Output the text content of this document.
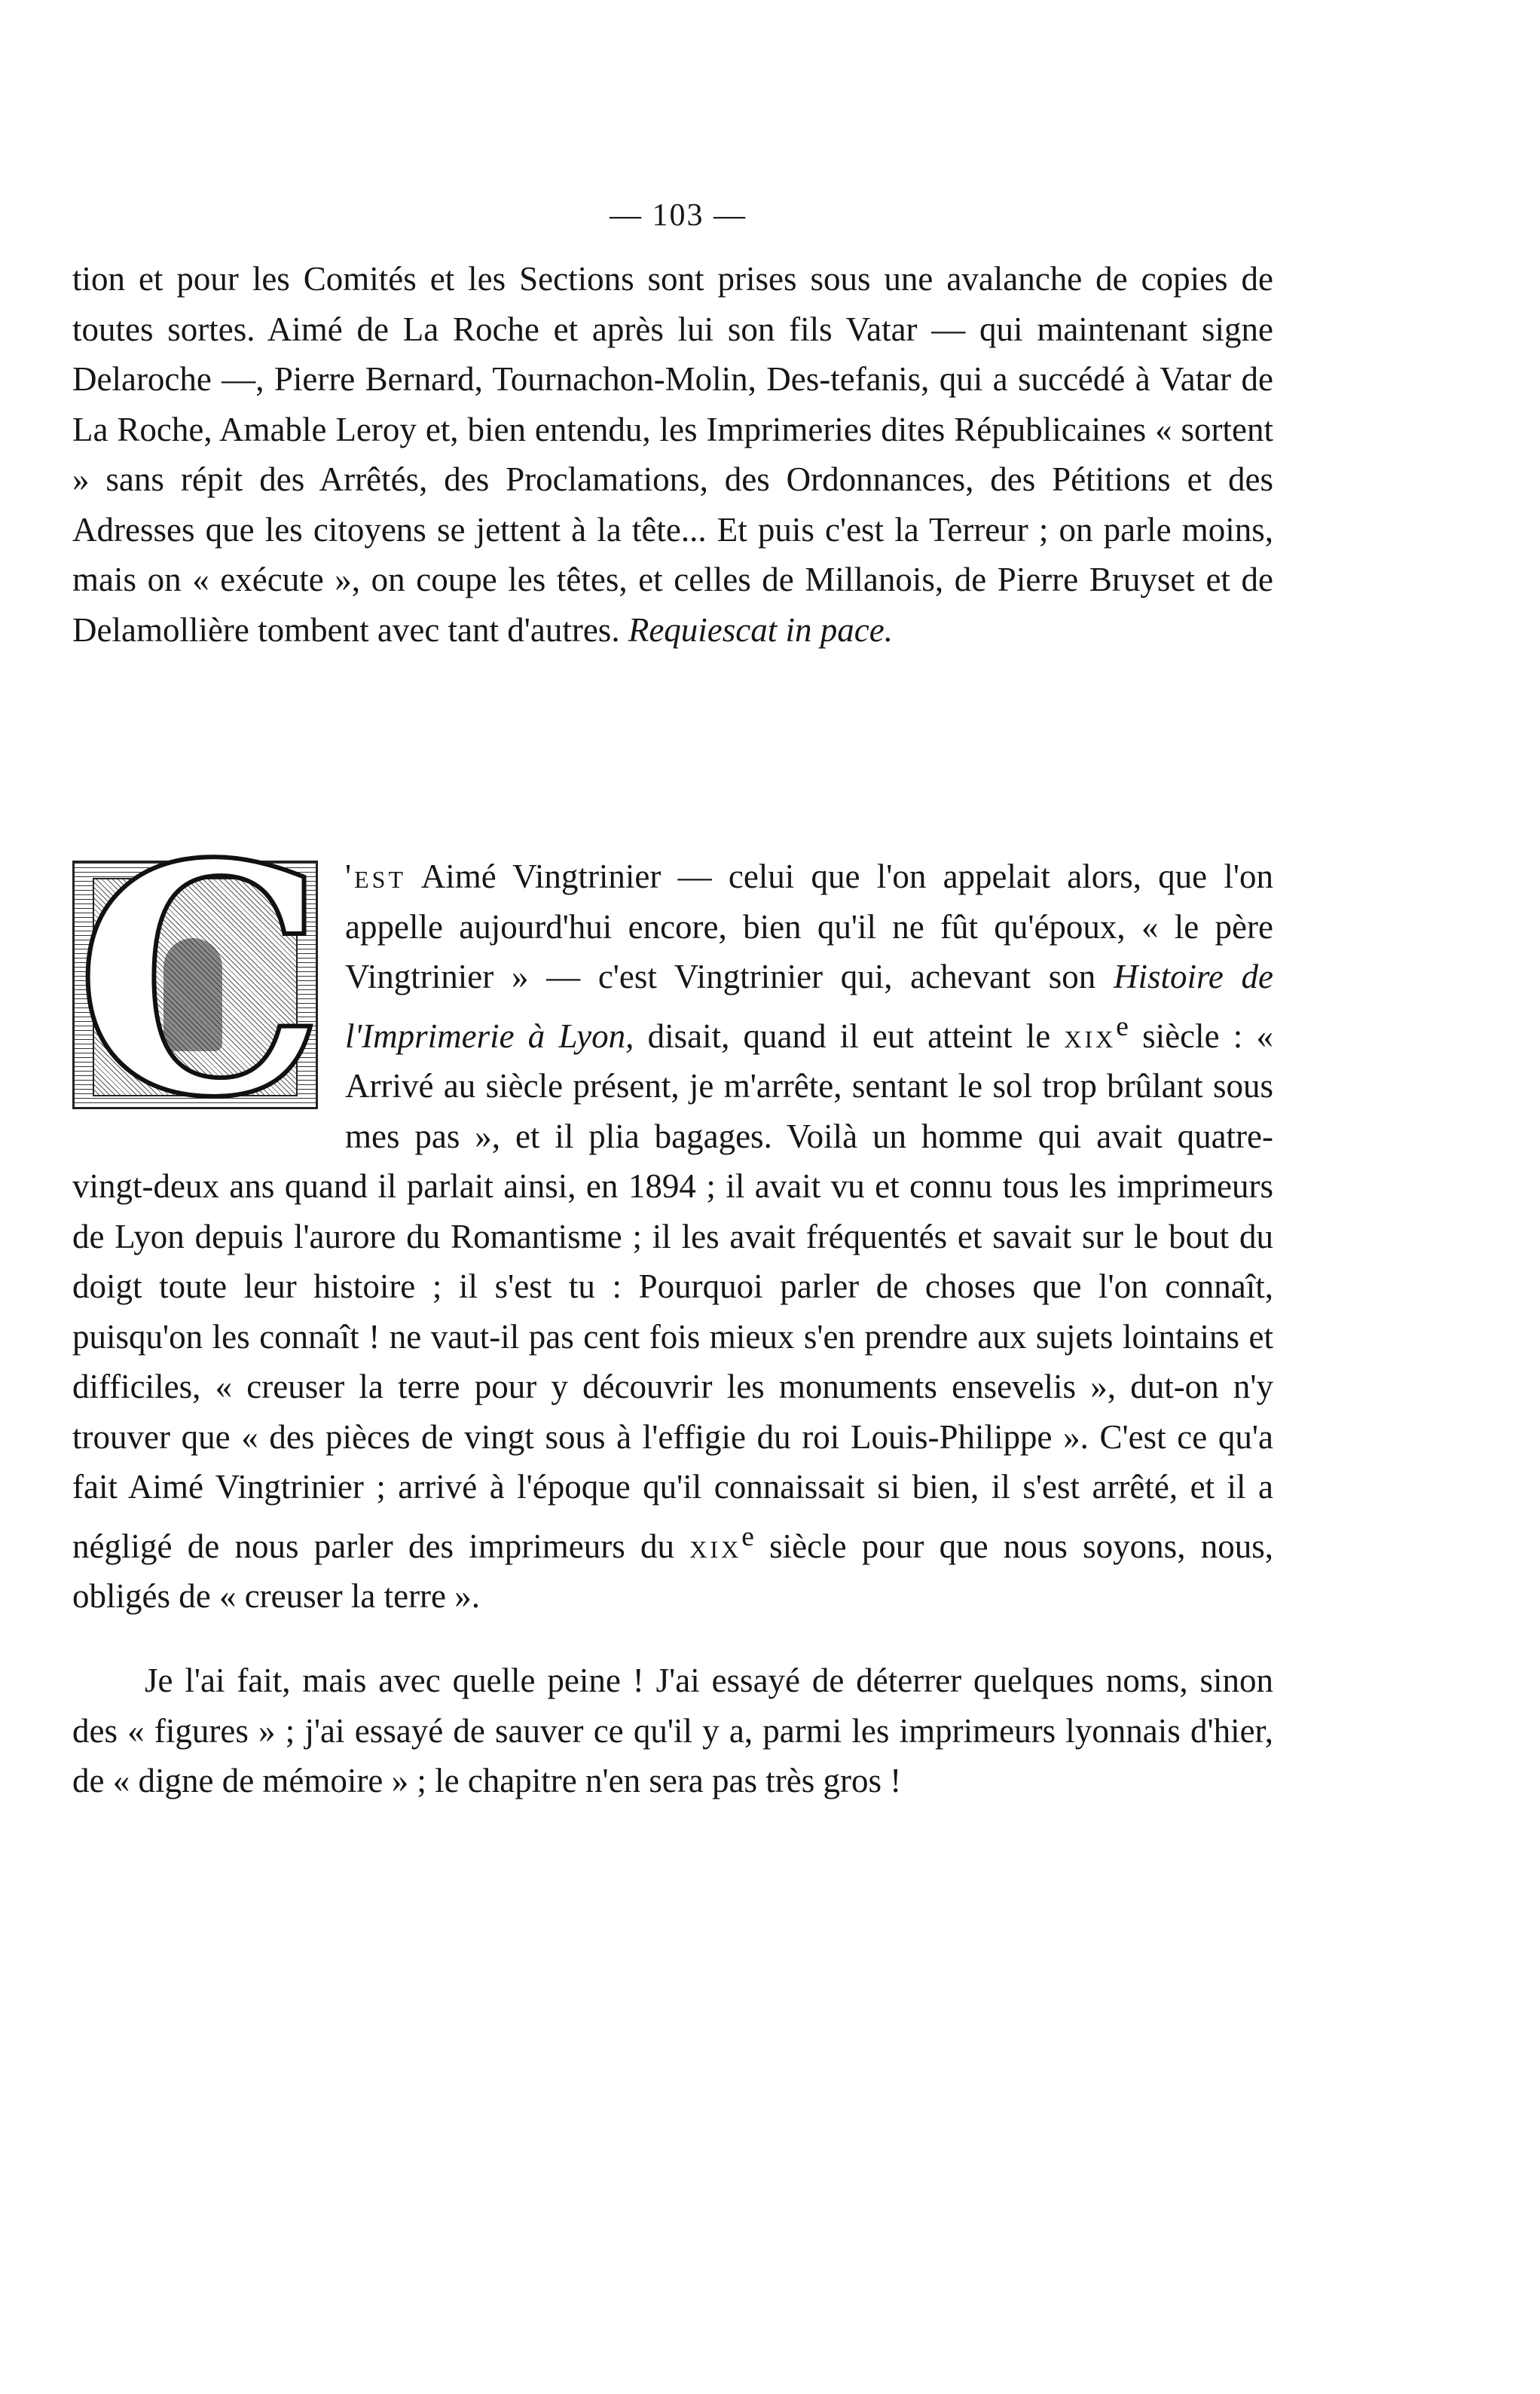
— 103 —

tion et pour les Comités et les Sections sont prises sous une avalanche de copies de toutes sortes. Aimé de La Roche et après lui son fils Vatar — qui maintenant signe Delaroche —, Pierre Bernard, Tournachon-Molin, Des-tefanis, qui a succédé à Vatar de La Roche, Amable Leroy et, bien entendu, les Imprimeries dites Républicaines « sortent » sans répit des Arrêtés, des Proclamations, des Ordonnances, des Pétitions et des Adresses que les citoyens se jettent à la tête... Et puis c'est la Terreur ; on parle moins, mais on « exécute », on coupe les têtes, et celles de Millanois, de Pierre Bruyset et de Delamollière tombent avec tant d'autres. Requiescat in pace.

C 'est Aimé Vingtrinier — celui que l'on appelait alors, que l'on appelle aujourd'hui encore, bien qu'il ne fût qu'époux, « le père Vingtrinier » — c'est Vingtrinier qui, achevant son Histoire de l'Imprimerie à Lyon, disait, quand il eut atteint le xix$^e$ siècle : « Arrivé au siècle présent, je m'arrête, sentant le sol trop brûlant sous mes pas », et il plia bagages. Voilà un homme qui avait quatre-vingt-deux ans quand il parlait ainsi, en 1894 ; il avait vu et connu tous les imprimeurs de Lyon depuis l'aurore du Romantisme ; il les avait fréquentés et savait sur le bout du doigt toute leur histoire ; il s'est tu : Pourquoi parler de choses que l'on connaît, puisqu'on les connaît ! ne vaut-il pas cent fois mieux s'en prendre aux sujets lointains et difficiles, « creuser la terre pour y découvrir les monuments ensevelis », dut-on n'y trouver que « des pièces de vingt sous à l'effigie du roi Louis-Philippe ». C'est ce qu'a fait Aimé Vingtrinier ; arrivé à l'époque qu'il connaissait si bien, il s'est arrêté, et il a négligé de nous parler des imprimeurs du xix$^e$ siècle pour que nous soyons, nous, obligés de « creuser la terre ».

Je l'ai fait, mais avec quelle peine ! J'ai essayé de déterrer quelques noms, sinon des « figures » ; j'ai essayé de sauver ce qu'il y a, parmi les imprimeurs lyonnais d'hier, de « digne de mémoire » ; le chapitre n'en sera pas très gros !
